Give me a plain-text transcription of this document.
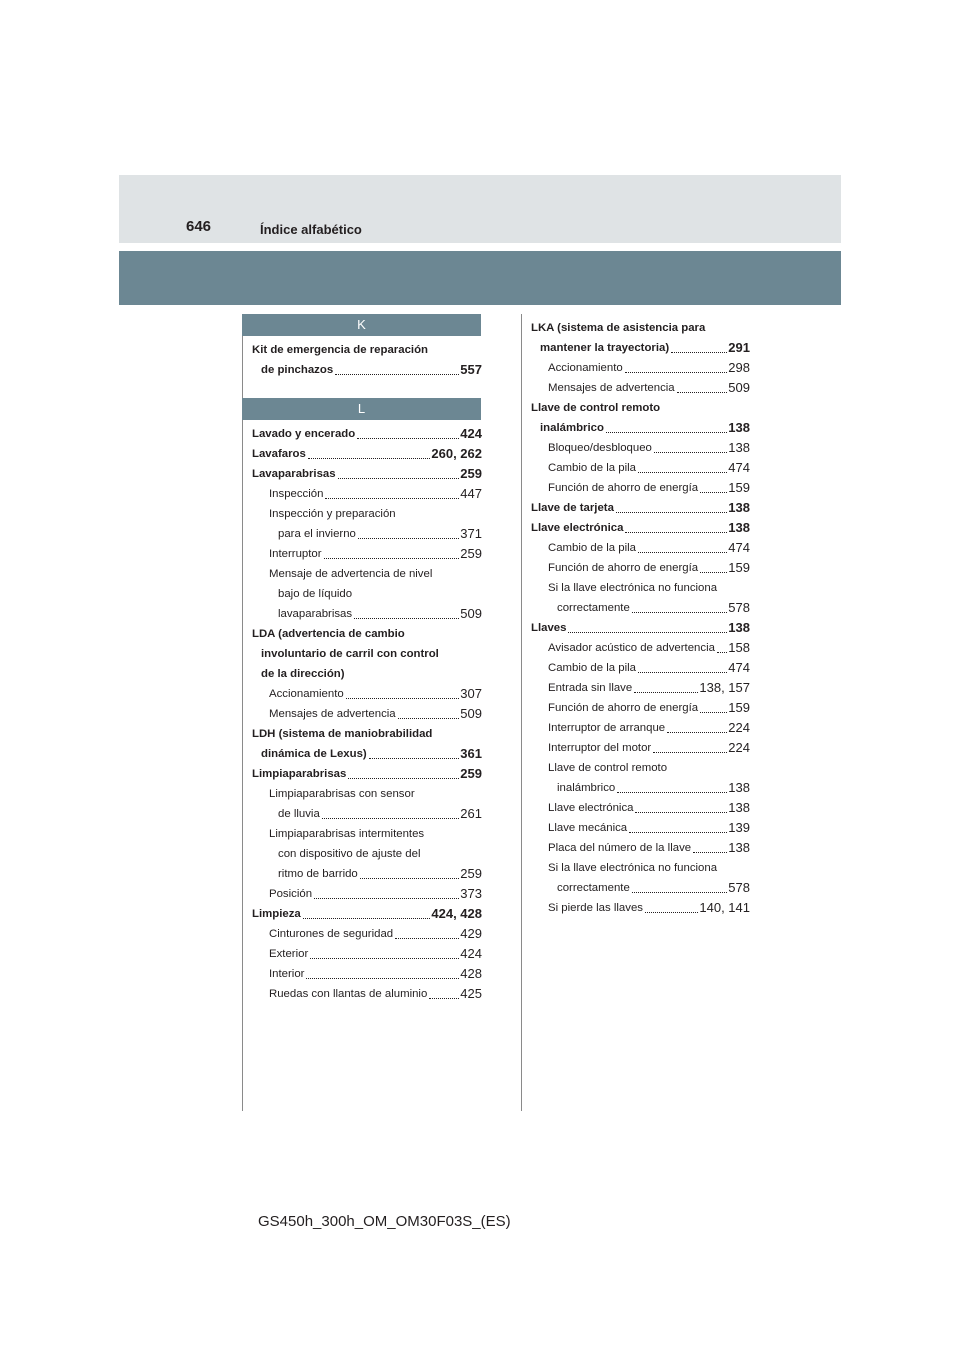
646	Índice alfabético
K
Kit de emergencia de reparación
de pinchazos	557
L
Lavado y encerado	424
Lavafaros	260, 262
Lavaparabrisas	259
Inspección	447
Inspección y preparación
para el invierno	371
Interruptor	259
Mensaje de advertencia de nivel
bajo de líquido
lavaparabrisas	509
LDA (advertencia de cambio
involuntario de carril con control
de la dirección)
Accionamiento	307
Mensajes de advertencia	509
LDH (sistema de maniobrabilidad
dinámica de Lexus)	361
Limpiaparabrisas	259
Limpiaparabrisas con sensor
de lluvia	261
Limpiaparabrisas intermitentes
con dispositivo de ajuste del
ritmo de barrido	259
Posición	373
Limpieza	424, 428
Cinturones de seguridad	429
Exterior	424
Interior	428
Ruedas con llantas de aluminio	425
LKA (sistema de asistencia para
mantener la trayectoria)	291
Accionamiento	298
Mensajes de advertencia	509
Llave de control remoto
inalámbrico	138
Bloqueo/desbloqueo	138
Cambio de la pila	474
Función de ahorro de energía 159
Llave de tarjeta	138
Llave electrónica	138
Cambio de la pila	474
Función de ahorro de energía 159
Si la llave electrónica no funciona
correctamente	578
Llaves	138
Avisador acústico de advertencia 158
Cambio de la pila	474
Entrada sin llave	138, 157
Función de ahorro de energía 159
Interruptor de arranque	224
Interruptor del motor	224
Llave de control remoto
inalámbrico	138
Llave electrónica	138
Llave mecánica	139
Placa del número de la llave	138
Si la llave electrónica no funciona
correctamente	578
Si pierde las llaves	140, 141
GS450h_300h_OM_OM30F03S_(ES)
